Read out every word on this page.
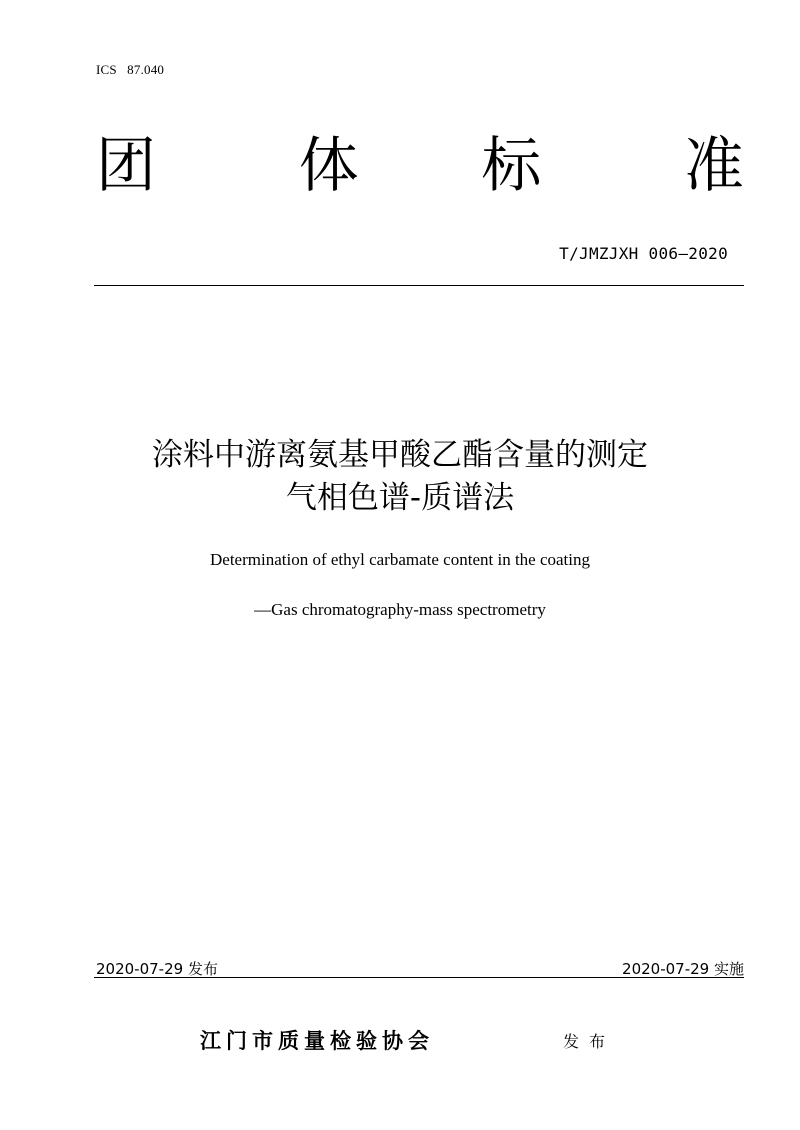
ICS   87.040
团	体	标	准
T/JMZJXH 006—2020
涂料中游离氨基甲酸乙酯含量的测定
气相色谱-质谱法
Determination of ethyl carbamate content in the coating
—Gas chromatography-mass spectrometry
2020-07-29 发布	2020-07-29 实施
江门市质量检验协会	发布
